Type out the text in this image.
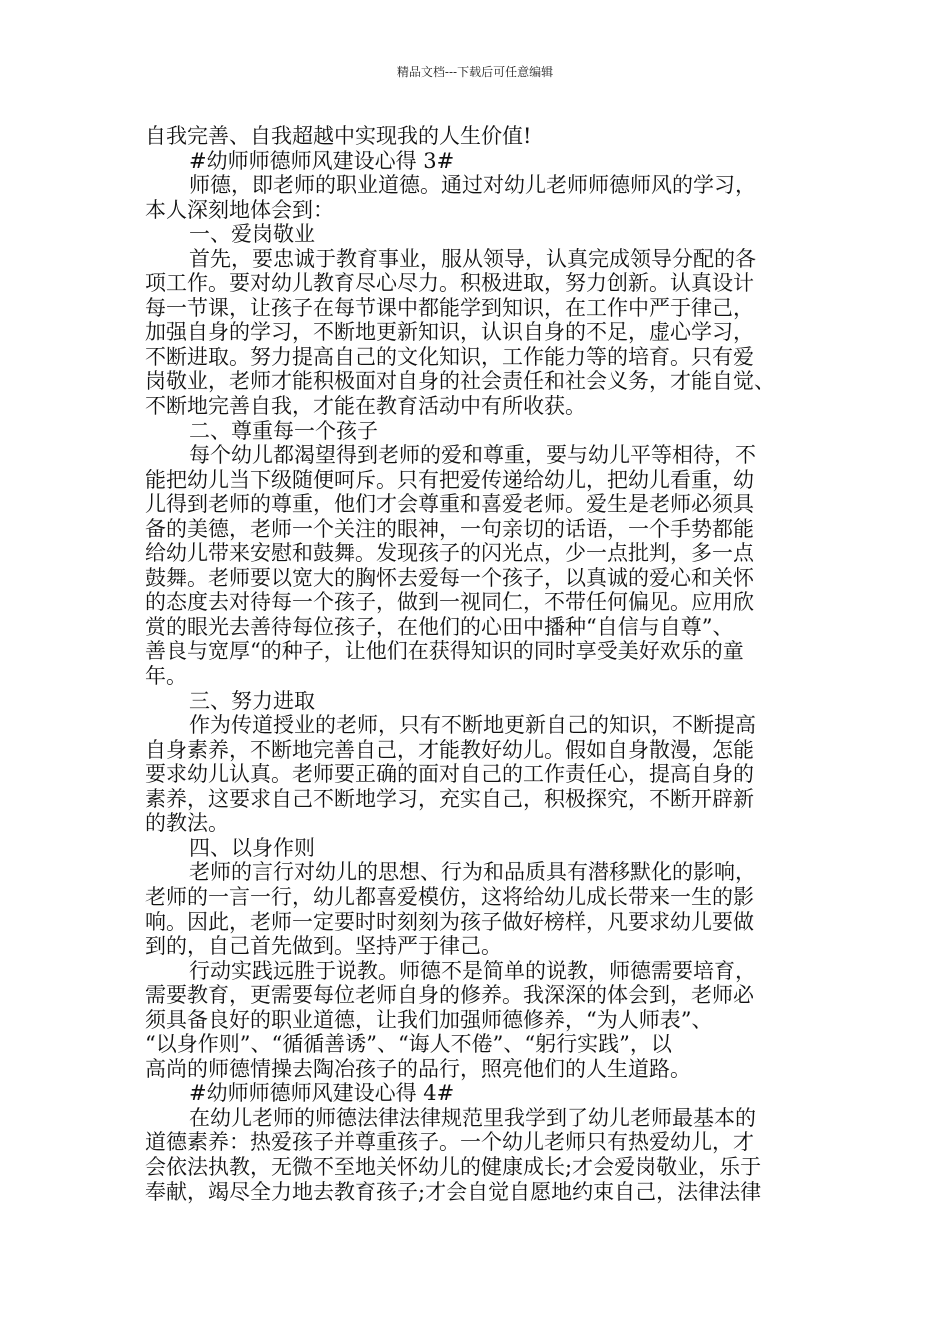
精品文档---下载后可任意编辑
自我完善、自我超越中实现我的人生价值!
#幼师师德师风建设心得 3#
师德，即老师的职业道德。通过对幼儿老师师德师风的学习，
本人深刻地体会到：
一、爱岗敬业
首先，要忠诚于教育事业，服从领导，认真完成领导分配的各
项工作。要对幼儿教育尽心尽力。积极进取，努力创新。认真设计
每一节课，让孩子在每节课中都能学到知识，在工作中严于律己，
加强自身的学习，不断地更新知识，认识自身的不足，虚心学习，
不断进取。努力提高自己的文化知识，工作能力等的培育。只有爱
岗敬业，老师才能积极面对自身的社会责任和社会义务，才能自觉、
不断地完善自我，才能在教育活动中有所收获。
二、尊重每一个孩子
每个幼儿都渴望得到老师的爱和尊重，要与幼儿平等相待，不
能把幼儿当下级随便呵斥。只有把爱传递给幼儿，把幼儿看重，幼
儿得到老师的尊重，他们才会尊重和喜爱老师。爱生是老师必须具
备的美德，老师一个关注的眼神，一句亲切的话语，一个手势都能
给幼儿带来安慰和鼓舞。发现孩子的闪光点，少一点批判，多一点
鼓舞。老师要以宽大的胸怀去爱每一个孩子，以真诚的爱心和关怀
的态度去对待每一个孩子，做到一视同仁，不带任何偏见。应用欣
赏的眼光去善待每位孩子，在他们的心田中播种“自信与自尊”、
善良与宽厚“的种子，让他们在获得知识的同时享受美好欢乐的童
年。
三、努力进取
作为传道授业的老师，只有不断地更新自己的知识，不断提高
自身素养，不断地完善自己，才能教好幼儿。假如自身散漫，怎能
要求幼儿认真。老师要正确的面对自己的工作责任心，提高自身的
素养，这要求自己不断地学习，充实自己，积极探究，不断开辟新
的教法。
四、以身作则
老师的言行对幼儿的思想、行为和品质具有潜移默化的影响，
老师的一言一行，幼儿都喜爱模仿，这将给幼儿成长带来一生的影
响。因此，老师一定要时时刻刻为孩子做好榜样，凡要求幼儿要做
到的，自己首先做到。坚持严于律己。
行动实践远胜于说教。师德不是简单的说教，师德需要培育，
需要教育，更需要每位老师自身的修养。我深深的体会到，老师必
须具备良好的职业道德，让我们加强师德修养，“为人师表”、
“以身作则”、“循循善诱”、“诲人不倦”、“躬行实践”，以
高尚的师德情操去陶冶孩子的品行，照亮他们的人生道路。
#幼师师德师风建设心得 4#
在幼儿老师的师德法律法律规范里我学到了幼儿老师最基本的
道德素养：热爱孩子并尊重孩子。一个幼儿老师只有热爱幼儿，才
会依法执教，无微不至地关怀幼儿的健康成长;才会爱岗敬业，乐于
奉献，竭尽全力地去教育孩子;才会自觉自愿地约束自己，法律法律
